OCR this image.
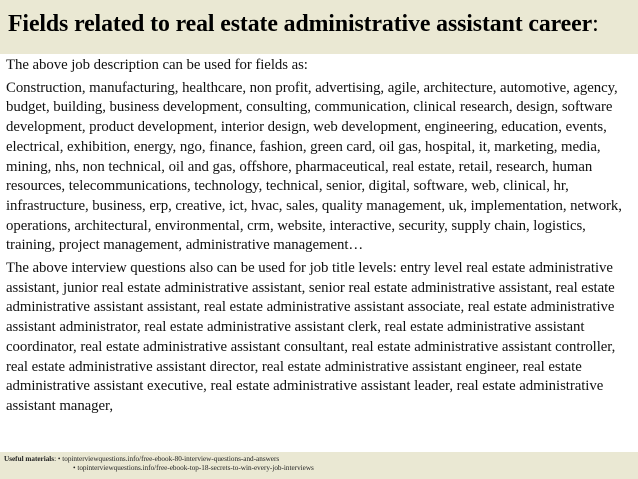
Fields related to real estate administrative assistant career:

The above job description can be used for fields as:

Construction, manufacturing, healthcare, non profit, advertising, agile, architecture, automotive, agency, budget, building, business development, consulting, communication, clinical research, design, software development, product development, interior design, web development, engineering, education, events, electrical, exhibition, energy, ngo, finance, fashion, green card, oil gas, hospital, it, marketing, media, mining, nhs, non technical, oil and gas, offshore, pharmaceutical, real estate, retail, research, human resources, telecommunications, technology, technical, senior, digital, software, web, clinical, hr, infrastructure, business, erp, creative, ict, hvac, sales, quality management, uk, implementation, network, operations, architectural, environmental, crm, website, interactive, security, supply chain, logistics, training, project management, administrative management…

The above interview questions also can be used for job title levels: entry level real estate administrative assistant, junior real estate administrative assistant, senior real estate administrative assistant, real estate administrative assistant assistant, real estate administrative assistant associate, real estate administrative assistant administrator, real estate administrative assistant clerk, real estate administrative assistant coordinator, real estate administrative assistant consultant, real estate administrative assistant controller, real estate administrative assistant director, real estate administrative assistant engineer, real estate administrative assistant executive, real estate administrative assistant leader, real estate administrative assistant manager,

Useful materials: • topinterviewquestions.info/free-ebook-80-interview-questions-and-answers
• topinterviewquestions.info/free-ebook-top-18-secrets-to-win-every-job-interviews
